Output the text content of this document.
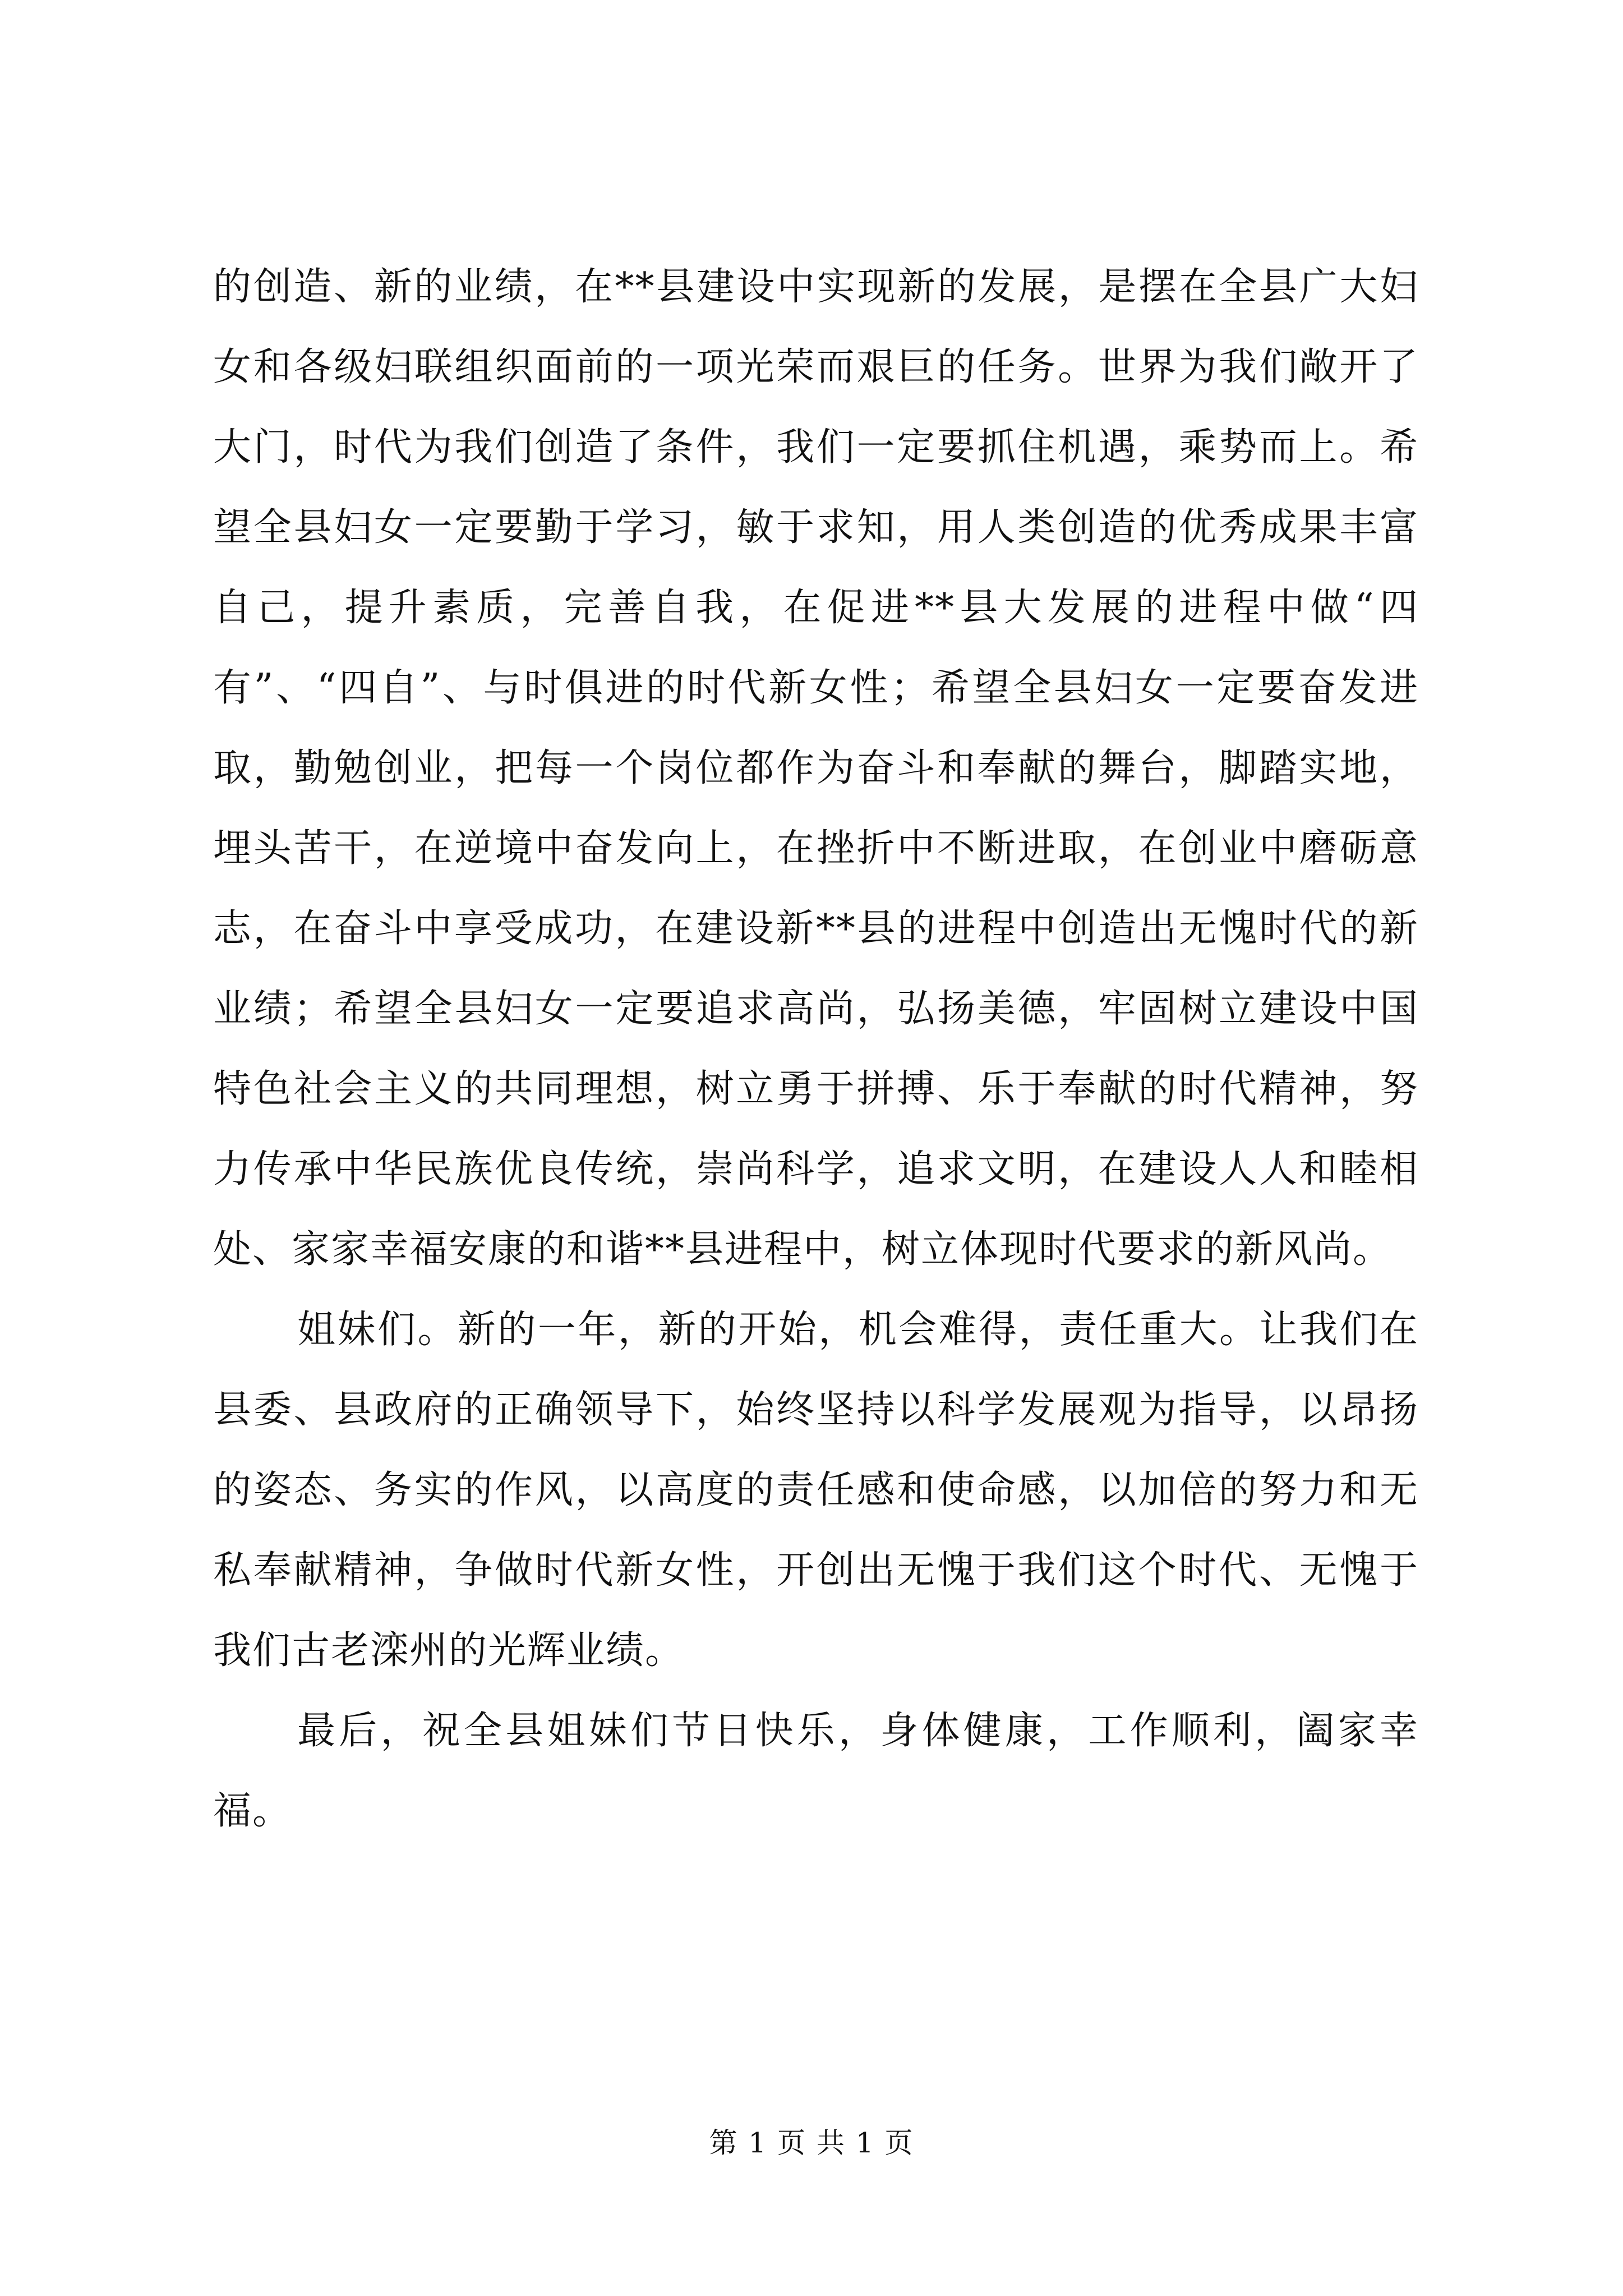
的创造、新的业绩，在**县建设中实现新的发展，是摆在全县广大妇女和各级妇联组织面前的一项光荣而艰巨的任务。世界为我们敞开了大门，时代为我们创造了条件，我们一定要抓住机遇，乘势而上。希望全县妇女一定要勤于学习，敏于求知，用人类创造的优秀成果丰富自己，提升素质，完善自我，在促进**县大发展的进程中做“四有”、“四自”、与时俱进的时代新女性；希望全县妇女一定要奋发进取，勤勉创业，把每一个岗位都作为奋斗和奉献的舞台，脚踏实地，埋头苦干，在逆境中奋发向上，在挫折中不断进取，在创业中磨砺意志，在奋斗中享受成功，在建设新**县的进程中创造出无愧时代的新业绩；希望全县妇女一定要追求高尚，弘扬美德，牢固树立建设中国特色社会主义的共同理想，树立勇于拼搏、乐于奉献的时代精神，努力传承中华民族优良传统，崇尚科学，追求文明，在建设人人和睦相处、家家幸福安康的和谐**县进程中，树立体现时代要求的新风尚。

姐妹们。新的一年，新的开始，机会难得，责任重大。让我们在县委、县政府的正确领导下，始终坚持以科学发展观为指导，以昂扬的姿态、务实的作风，以高度的责任感和使命感，以加倍的努力和无私奉献精神，争做时代新女性，开创出无愧于我们这个时代、无愧于我们古老滦州的光辉业绩。

最后，祝全县姐妹们节日快乐，身体健康，工作顺利，阖家幸福。

第 1 页 共 1 页
